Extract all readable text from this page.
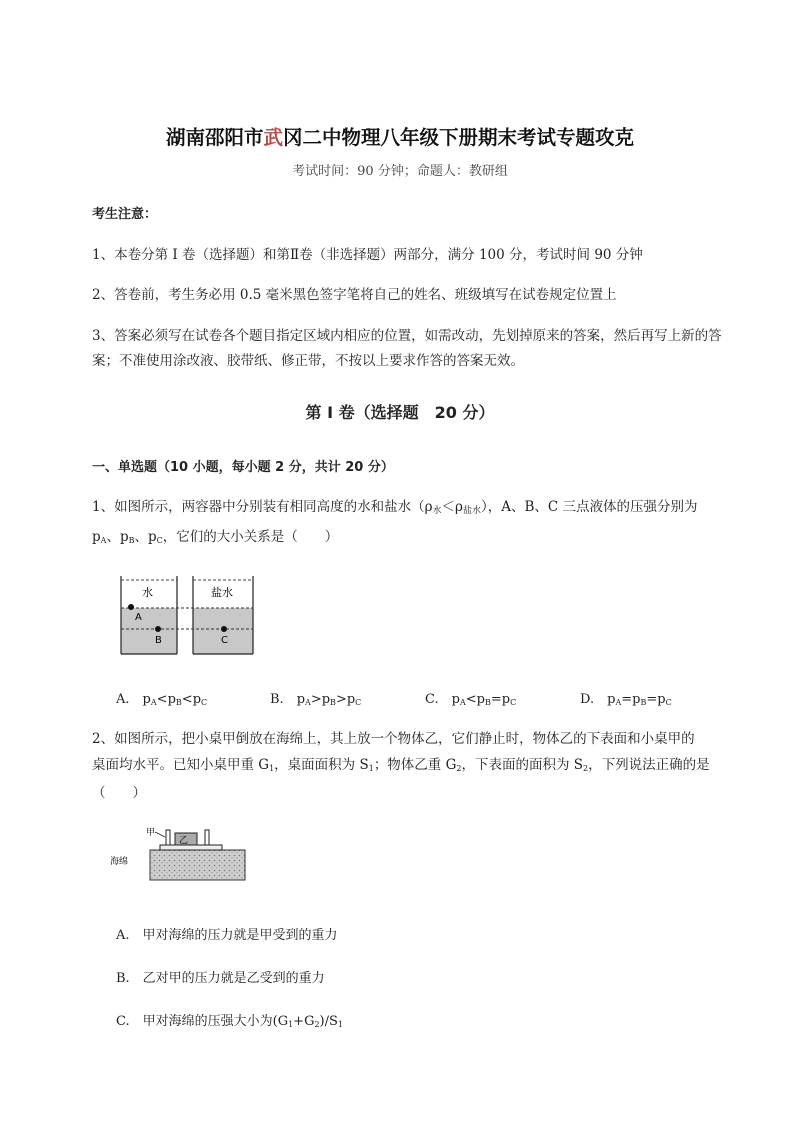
湖南邵阳市武冈二中物理八年级下册期末考试专题攻克
考试时间：90 分钟；命题人：教研组
考生注意：
1、本卷分第 I 卷（选择题）和第Ⅱ卷（非选择题）两部分，满分 100 分，考试时间 90 分钟
2、答卷前，考生务必用 0.5 毫米黑色签字笔将自己的姓名、班级填写在试卷规定位置上
3、答案必须写在试卷各个题目指定区域内相应的位置，如需改动，先划掉原来的答案，然后再写上新的答案；不准使用涂改液、胶带纸、修正带，不按以上要求作答的答案无效。
第 I 卷（选择题　20 分）
一、单选题（10 小题，每小题 2 分，共计 20 分）
1、如图所示，两容器中分别装有相同高度的水和盐水（ρ水＜ρ盐水），A、B、C 三点液体的压强分别为
$p_A$、$p_B$、$p_C$，它们的大小关系是（　　）
水	盐水
A
B	C
A.　 $p_A<p_B<p_C$	B.　 $p_A>p_B>p_C$	C.　 $p_A<p_B=p_C$	D.　 $p_A=p_B=p_C$
2、如图所示，把小桌甲倒放在海绵上，其上放一个物体乙，它们静止时，物体乙的下表面和小桌甲的
桌面均水平。已知小桌甲重 $G_1$，桌面面积为 $S_1$；物体乙重 $G_2$，下表面的面积为 $S_2$，下列说法正确的是
（　　）
乙
甲
海绵
A.　甲对海绵的压力就是甲受到的重力
B.　乙对甲的压力就是乙受到的重力
C.　甲对海绵的压强大小为$(G_1+G_2)/S_1$
